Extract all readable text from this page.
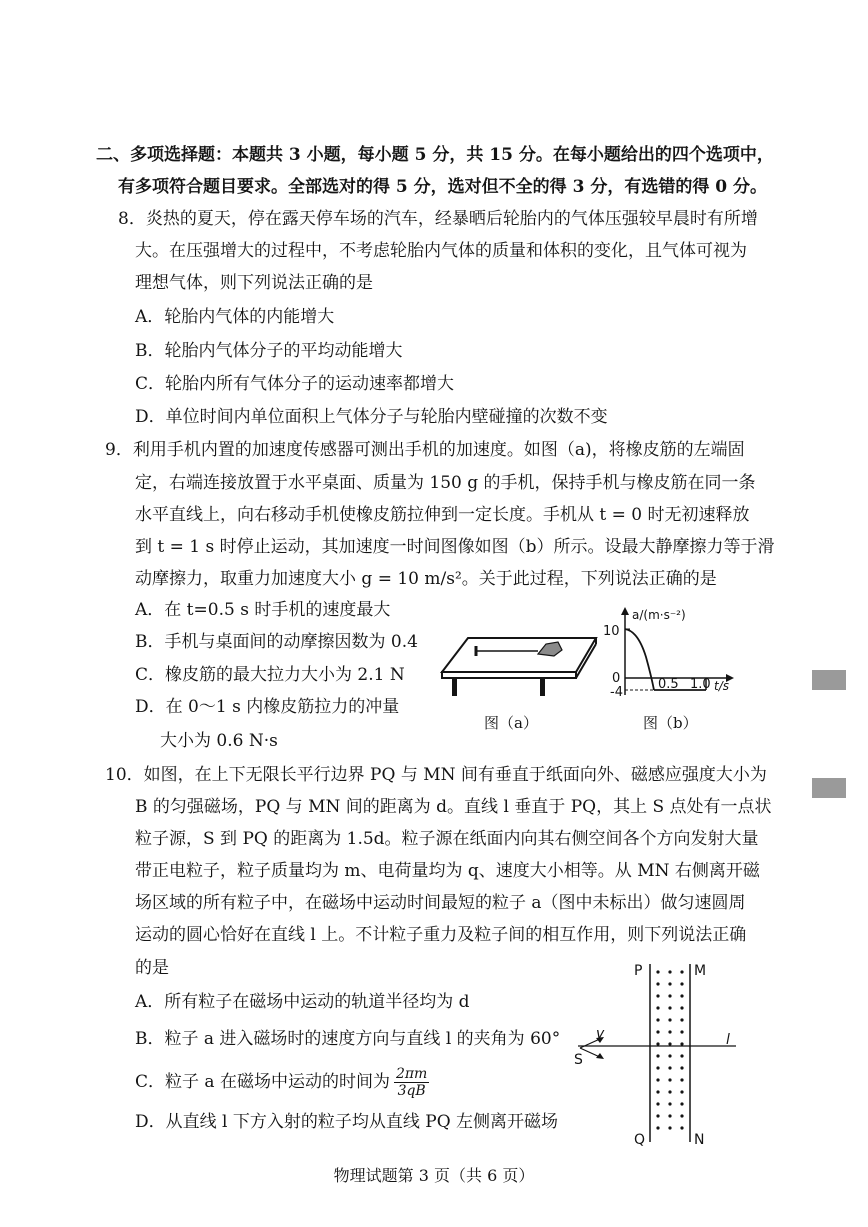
二、多项选择题：本题共 3 小题，每小题 5 分，共 15 分。在每小题给出的四个选项中，
有多项符合题目要求。全部选对的得 5 分，选对但不全的得 3 分，有选错的得 0 分。
8．炎热的夏天，停在露天停车场的汽车，经暴晒后轮胎内的气体压强较早晨时有所增
大。在压强增大的过程中，不考虑轮胎内气体的质量和体积的变化，且气体可视为
理想气体，则下列说法正确的是
A．轮胎内气体的内能增大
B．轮胎内气体分子的平均动能增大
C．轮胎内所有气体分子的运动速率都增大
D．单位时间内单位面积上气体分子与轮胎内壁碰撞的次数不变
9．利用手机内置的加速度传感器可测出手机的加速度。如图（a)，将橡皮筋的左端固
定，右端连接放置于水平桌面、质量为 150 g 的手机，保持手机与橡皮筋在同一条
水平直线上，向右移动手机使橡皮筋拉伸到一定长度。手机从 t = 0 时无初速释放
到 t = 1 s 时停止运动，其加速度一时间图像如图（b）所示。设最大静摩擦力等于滑
动摩擦力，取重力加速度大小 g = 10 m/s²。关于此过程，下列说法正确的是
A．在 t=0.5 s 时手机的速度最大
B．手机与桌面间的动摩擦因数为 0.4
C．橡皮筋的最大拉力大小为 2.1 N
D．在 0～1 s 内橡皮筋拉力的冲量
大小为 0.6 N·s
图（a）
a/(m·s⁻²)
10
0
-4
0.5 1.0 t/s
图（b）
10．如图，在上下无限长平行边界 PQ 与 MN 间有垂直于纸面向外、磁感应强度大小为
B 的匀强磁场，PQ 与 MN 间的距离为 d。直线 l 垂直于 PQ，其上 S 点处有一点状
粒子源，S 到 PQ 的距离为 1.5d。粒子源在纸面内向其右侧空间各个方向发射大量
带正电粒子，粒子质量均为 m、电荷量均为 q、速度大小相等。从 MN 右侧离开磁
场区域的所有粒子中，在磁场中运动时间最短的粒子 a（图中未标出）做匀速圆周
运动的圆心恰好在直线 l 上。不计粒子重力及粒子间的相互作用，则下列说法正确
的是
A．所有粒子在磁场中运动的轨道半径均为 d
B．粒子 a 进入磁场时的速度方向与直线 l 的夹角为 60°
C．粒子 a 在磁场中运动的时间为 $\frac{2\pi m}{3qB}$
D．从直线 l 下方入射的粒子均从直线 PQ 左侧离开磁场
P	M
Q	N
S
v	l
物理试题第 3 页（共 6 页）
